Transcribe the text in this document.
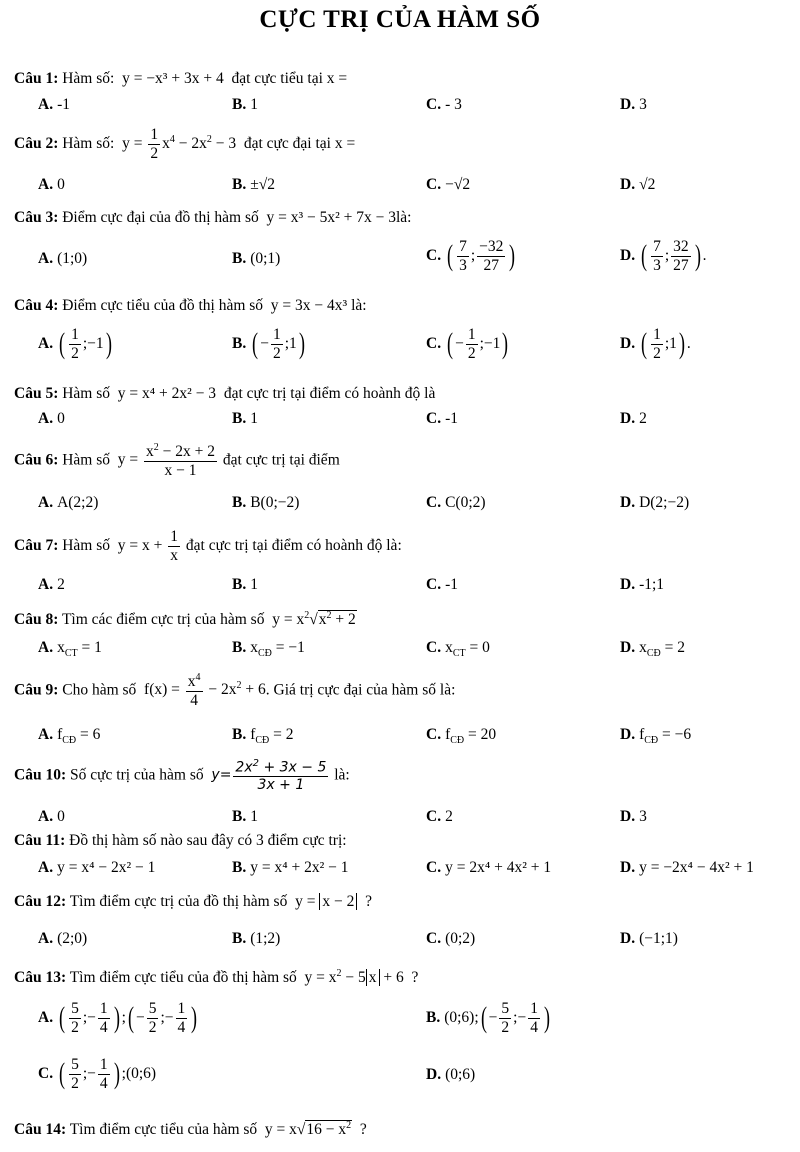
CỰC TRỊ CỦA HÀM SỐ
Câu 1: Hàm số: y = −x³ + 3x + 4 đạt cực tiểu tại x =
A. -1	B. 1	C. - 3	D. 3
Câu 2: Hàm số: $y = \frac{1}{2} x^4 - 2x^2 - 3$ đạt cực đại tại x =
A. 0	B. ±√2	C. −√2	D. √2
Câu 3: Điểm cực đại của đồ thị hàm số y = x³ − 5x² + 7x − 3là:
A. (1;0)	B. (0;1)	C. ( $\frac{7}{3}$ ; $\frac{-32}{27}$ )	D. ( $\frac{7}{3}$ ; $\frac{32}{27}$ ) .
Câu 4: Điểm cực tiểu của đồ thị hàm số y = 3x − 4x³ là:
A. ( $\frac{1}{2}$ ;−1)	B. ( − $\frac{1}{2}$ ;1)	C. ( − $\frac{1}{2}$ ;−1)	D. ( $\frac{1}{2}$ ;1) .
Câu 5: Hàm số y = x⁴ + 2x² − 3 đạt cực trị tại điểm có hoành độ là
A. 0	B. 1	C. -1	D. 2
Câu 6: Hàm số $y = \frac{x^2 - 2x + 2}{x - 1}$ đạt cực trị tại điểm
A. A(2;2)	B. B(0;−2)	C. C(0;2)	D. D(2;−2)
Câu 7: Hàm số $y = x + \frac{1}{x}$ đạt cực trị tại điểm có hoành độ là:
A. 2	B. 1	C. -1	D. -1;1
Câu 8: Tìm các điểm cực trị của hàm số $y = x^2√x^2 + 2$
A. $x_{CT} = 1$	B. $x_{CĐ} = -1$	C. $x_{CT} = 0$	D. $x_{CĐ} = 2$
Câu 9: Cho hàm số $f(x) = \frac{x^4}{4} - 2x^2 + 6$. Giá trị cực đại của hàm số là:
A. $f_{CĐ} = 6$	B. $f_{CĐ} = 2$	C. $f_{CĐ} = 20$	D. $f_{CĐ} = -6$
Câu 10: Số cực trị của hàm số $y= \frac{2x^2 + 3x - 5}{3x + 1}$ là:
A. 0	B. 1	C. 2	D. 3
Câu 11: Đồ thị hàm số nào sau đây có 3 điểm cực trị:
A. y = x⁴ − 2x² − 1	B. y = x⁴ + 2x² − 1	C. y = 2x⁴ + 4x² + 1	D. y = −2x⁴ − 4x² + 1
Câu 12: Tìm điểm cực trị của đồ thị hàm số y = x − 2 ?
A. (2;0)	B. (1;2)	C. (0;2)	D. (−1;1)
Câu 13: Tìm điểm cực tiểu của đồ thị hàm số $y = x^2 - 5$ x + 6 ?
A. ( $\frac{5}{2}$ ;− $\frac{1}{4}$ ) ;( − $\frac{5}{2}$ ;− $\frac{1}{4}$ )	B. (0;6);( − $\frac{5}{2}$ ;− $\frac{1}{4}$ )
C. ( $\frac{5}{2}$ ;− $\frac{1}{4}$ ) ;(0;6)	D. (0;6)
Câu 14: Tìm điểm cực tiểu của hàm số $y = x√16 - x^2$ ?
